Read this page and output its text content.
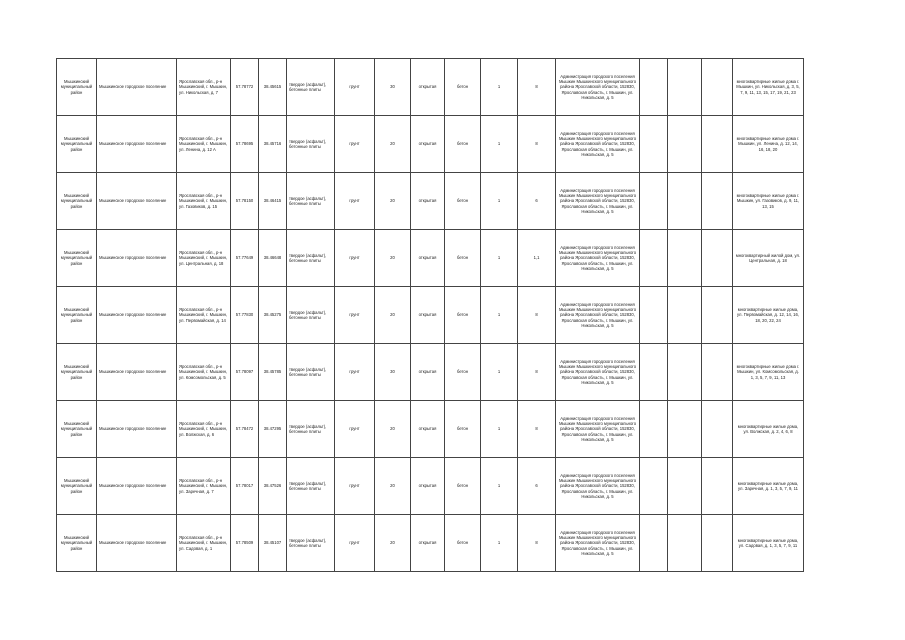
Мышкинский муниципальный район	Мышкинское городское поселение	Ярославская обл., р-н Мышкинский, г. Мышкин, ул. Никольская, д. 7	57.78772	38.45615	твердое (асфальт), бетонные плиты	грунт	30	открытая	бетон	1	8	Администрация городского поселения Мышкин Мышкинского муниципального района Ярославской области, 152830, Ярославская область, г. Мышкин, ул. Никольская, д. 5				многоквартирные жилые дома г. Мышкин, ул. Никольская, д. 3, 5, 7, 9, 11, 13, 15, 17, 19, 21, 23
Мышкинский муниципальный район	Мышкинское городское поселение	Ярославская обл., р-н Мышкинский, г. Мышкин, ул. Ленина, д. 12 А	57.78695	38.45716	твердое (асфальт), бетонные плиты	грунт	20	открытая	бетон	1	8	Администрация городского поселения Мышкин Мышкинского муниципального района Ярославской области, 152830, Ярославская область, г. Мышкин, ул. Никольская, д. 5				многоквартирные жилые дома г. Мышкин, ул. Ленина, д. 12, 14, 16, 18, 20
Мышкинский муниципальный район	Мышкинское городское поселение	Ярославская обл., р-н Мышкинский, г. Мышкин, ул. Газовиков, д. 15	57.78150	38.46415	твердое (асфальт), бетонные плиты	грунт	20	открытая	бетон	1	6	Администрация городского поселения Мышкин Мышкинского муниципального района Ярославской области, 152830, Ярославская область, г. Мышкин, ул. Никольская, д. 5				многоквартирные жилые дома г. Мышкин, ул. Газовиков, д. 9, 11, 13, 15
Мышкинский муниципальный район	Мышкинское городское поселение	Ярославская обл., р-н Мышкинский, г. Мышкин, ул. Центральная, д. 18	57.77649	38.46648	твердое (асфальт), бетонные плиты	грунт	20	открытая	бетон	1	1,1	Администрация городского поселения Мышкин Мышкинского муниципального района Ярославской области, 152830, Ярославская область, г. Мышкин, ул. Никольская, д. 5				многоквартирный жилой дом, ул. Центральная, д. 18
Мышкинский муниципальный район	Мышкинское городское поселение	Ярославская обл., р-н Мышкинский, г. Мышкин, ул. Первомайская, д. 14	57.77830	38.45275	твердое (асфальт), бетонные плиты	грунт	20	открытая	бетон	1	8	Администрация городского поселения Мышкин Мышкинского муниципального района Ярославской области, 152830, Ярославская область, г. Мышкин, ул. Никольская, д. 5				многоквартирные жилые дома, ул. Первомайская, д. 12, 14, 16, 18, 20, 22, 24
Мышкинский муниципальный район	Мышкинское городское поселение	Ярославская обл., р-н Мышкинский, г. Мышкин, ул. Комсомольская, д. 5	57.78097	38.45785	твердое (асфальт), бетонные плиты	грунт	30	открытая	бетон	1	8	Администрация городского поселения Мышкин Мышкинского муниципального района Ярославской области, 152830, Ярославская область, г. Мышкин, ул. Никольская, д. 5				многоквартирные жилые дома г. Мышкин, ул. Комсомольская, д. 1, 3, 5, 7, 9, 11, 13
Мышкинский муниципальный район	Мышкинское городское поселение	Ярославская обл., р-н Мышкинский, г. Мышкин, ул. Волжская, д. 6	57.78472	38.47295	твердое (асфальт), бетонные плиты	грунт	20	открытая	бетон	1	8	Администрация городского поселения Мышкин Мышкинского муниципального района Ярославской области, 152830, Ярославская область, г. Мышкин, ул. Никольская, д. 5				многоквартирные жилые дома, ул. Волжская, д. 2, 4, 6, 8
Мышкинский муниципальный район	Мышкинское городское поселение	Ярославская обл., р-н Мышкинский, г. Мышкин, ул. Заречная, д. 7	57.78017	38.47526	твердое (асфальт), бетонные плиты	грунт	20	открытая	бетон	1	6	Администрация городского поселения Мышкин Мышкинского муниципального района Ярославской области, 152830, Ярославская область, г. Мышкин, ул. Никольская, д. 5				многоквартирные жилые дома, ул. Заречная, д. 1, 3, 5, 7, 9, 11
Мышкинский муниципальный район	Мышкинское городское поселение	Ярославская обл., р-н Мышкинский, г. Мышкин, ул. Садовая, д. 1	57.78509	38.45107	твердое (асфальт), бетонные плиты	грунт	20	открытая	бетон	1	8	Администрация городского поселения Мышкин Мышкинского муниципального района Ярославской области, 152830, Ярославская область, г. Мышкин, ул. Никольская, д. 5				многоквартирные жилые дома, ул. Садовая, д. 1, 3, 5, 7, 9, 11
